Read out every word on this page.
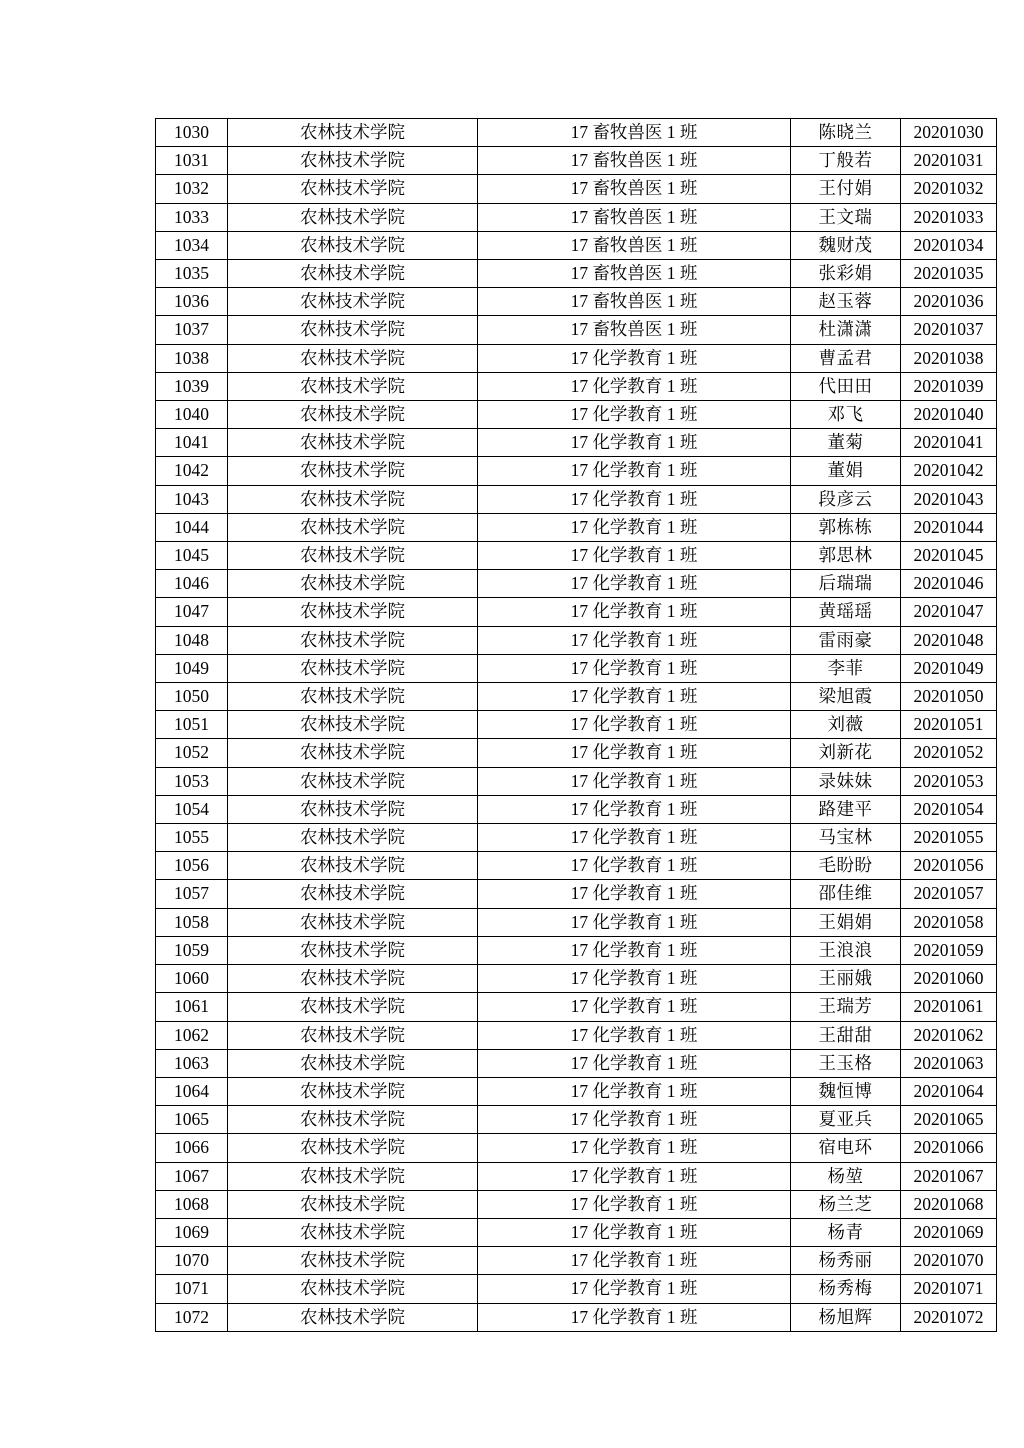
1030	农林技术学院	17 畜牧兽医 1 班	陈晓兰	20201030
1031	农林技术学院	17 畜牧兽医 1 班	丁般若	20201031
1032	农林技术学院	17 畜牧兽医 1 班	王付娟	20201032
1033	农林技术学院	17 畜牧兽医 1 班	王文瑞	20201033
1034	农林技术学院	17 畜牧兽医 1 班	魏财茂	20201034
1035	农林技术学院	17 畜牧兽医 1 班	张彩娟	20201035
1036	农林技术学院	17 畜牧兽医 1 班	赵玉蓉	20201036
1037	农林技术学院	17 畜牧兽医 1 班	杜潇潇	20201037
1038	农林技术学院	17 化学教育 1 班	曹孟君	20201038
1039	农林技术学院	17 化学教育 1 班	代田田	20201039
1040	农林技术学院	17 化学教育 1 班	邓飞	20201040
1041	农林技术学院	17 化学教育 1 班	董菊	20201041
1042	农林技术学院	17 化学教育 1 班	董娟	20201042
1043	农林技术学院	17 化学教育 1 班	段彦云	20201043
1044	农林技术学院	17 化学教育 1 班	郭栋栋	20201044
1045	农林技术学院	17 化学教育 1 班	郭思林	20201045
1046	农林技术学院	17 化学教育 1 班	后瑞瑞	20201046
1047	农林技术学院	17 化学教育 1 班	黄瑶瑶	20201047
1048	农林技术学院	17 化学教育 1 班	雷雨豪	20201048
1049	农林技术学院	17 化学教育 1 班	李菲	20201049
1050	农林技术学院	17 化学教育 1 班	梁旭霞	20201050
1051	农林技术学院	17 化学教育 1 班	刘薇	20201051
1052	农林技术学院	17 化学教育 1 班	刘新花	20201052
1053	农林技术学院	17 化学教育 1 班	录妹妹	20201053
1054	农林技术学院	17 化学教育 1 班	路建平	20201054
1055	农林技术学院	17 化学教育 1 班	马宝林	20201055
1056	农林技术学院	17 化学教育 1 班	毛盼盼	20201056
1057	农林技术学院	17 化学教育 1 班	邵佳维	20201057
1058	农林技术学院	17 化学教育 1 班	王娟娟	20201058
1059	农林技术学院	17 化学教育 1 班	王浪浪	20201059
1060	农林技术学院	17 化学教育 1 班	王丽娥	20201060
1061	农林技术学院	17 化学教育 1 班	王瑞芳	20201061
1062	农林技术学院	17 化学教育 1 班	王甜甜	20201062
1063	农林技术学院	17 化学教育 1 班	王玉格	20201063
1064	农林技术学院	17 化学教育 1 班	魏恒博	20201064
1065	农林技术学院	17 化学教育 1 班	夏亚兵	20201065
1066	农林技术学院	17 化学教育 1 班	宿电环	20201066
1067	农林技术学院	17 化学教育 1 班	杨堃	20201067
1068	农林技术学院	17 化学教育 1 班	杨兰芝	20201068
1069	农林技术学院	17 化学教育 1 班	杨青	20201069
1070	农林技术学院	17 化学教育 1 班	杨秀丽	20201070
1071	农林技术学院	17 化学教育 1 班	杨秀梅	20201071
1072	农林技术学院	17 化学教育 1 班	杨旭辉	20201072
